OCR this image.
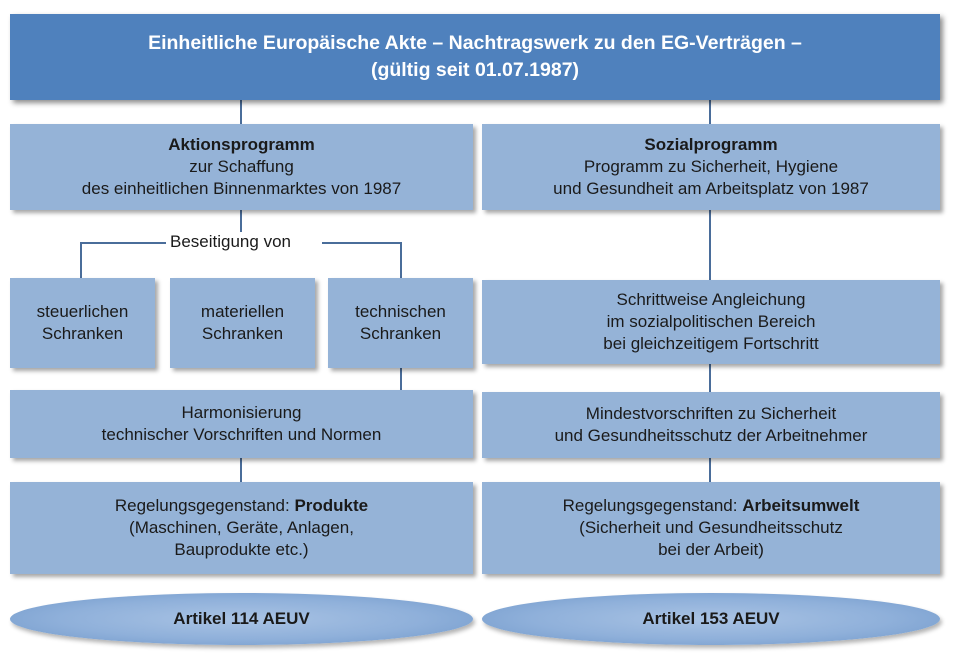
Einheitliche Europäische Akte – Nachtragswerk zu den EG-Verträgen –
(gültig seit 01.07.1987)
Aktionsprogramm
zur Schaffung
des einheitlichen Binnenmarktes von 1987
Beseitigung von
steuerlichen
Schranken
materiellen
Schranken
technischen
Schranken
Harmonisierung
technischer Vorschriften und Normen
Regelungsgegenstand: Produkte
(Maschinen, Geräte, Anlagen,
Bauprodukte etc.)
Artikel 114 AEUV
Sozialprogramm
Programm zu Sicherheit, Hygiene
und Gesundheit am Arbeitsplatz von 1987
Schrittweise Angleichung
im sozialpolitischen Bereich
bei gleichzeitigem Fortschritt
Mindestvorschriften zu Sicherheit
und Gesundheitsschutz der Arbeitnehmer
Regelungsgegenstand: Arbeitsumwelt
(Sicherheit und Gesundheitsschutz
bei der Arbeit)
Artikel 153 AEUV
